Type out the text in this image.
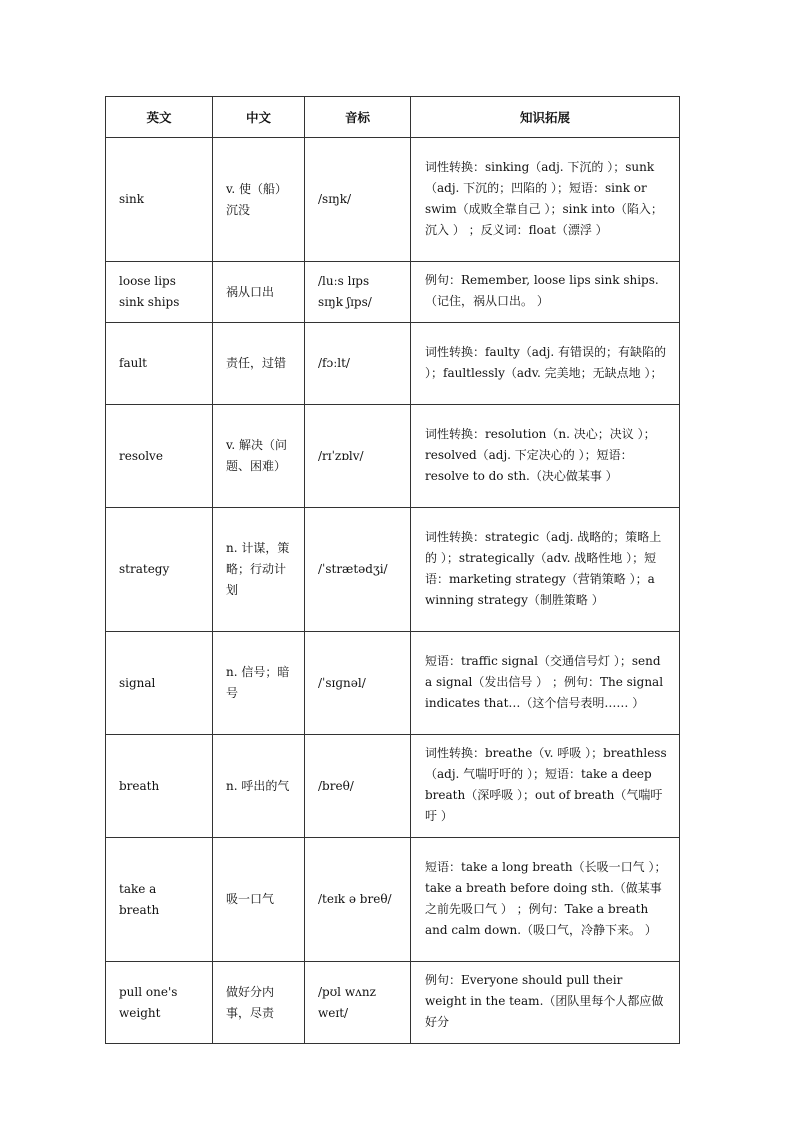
英文	中文	音标	知识拓展
sink	v. 使（船）沉没	/sɪŋk/	词性转换：sinking（adj. 下沉的 ）；sunk（adj. 下沉的；凹陷的 ）；短语：sink or swim（成败全靠自己 ）；sink into（陷入；沉入 ） ；反义词：float（漂浮 ）
loose lips sink ships	祸从口出	/luːs lɪps sɪŋk ʃɪps/	例句：Remember, loose lips sink ships.（记住，祸从口出。 ）
fault	责任，过错	/fɔːlt/	词性转换：faulty（adj. 有错误的；有缺陷的 ）；faultlessly（adv. 完美地；无缺点地 ）；
resolve	v. 解决（问题、困难）	/rɪˈzɒlv/	词性转换：resolution（n. 决心；决议 ）；resolved（adj. 下定决心的 ）；短语：resolve to do sth.（决心做某事 ）
strategy	n. 计谋，策略；行动计划	/ˈstrætədʒi/	词性转换：strategic（adj. 战略的；策略上的 ）；strategically（adv. 战略性地 ）；短语：marketing strategy（营销策略 ）；a winning strategy（制胜策略 ）
signal	n. 信号；暗号	/ˈsɪɡnəl/	短语：traffic signal（交通信号灯 ）；send a signal（发出信号 ） ；例句：The signal indicates that…（这个信号表明…… ）
breath	n. 呼出的气	/breθ/	词性转换：breathe（v. 呼吸 ）；breathless（adj. 气喘吁吁的 ）；短语：take a deep breath（深呼吸 ）；out of breath（气喘吁吁 ）
take a breath	吸一口气	/teɪk ə breθ/	短语：take a long breath（长吸一口气 ）；take a breath before doing sth.（做某事之前先吸口气 ） ；例句：Take a breath and calm down.（吸口气，冷静下来。 ）
pull one's weight	做好分内事，尽责	/pʊl wʌnz weɪt/	例句：Everyone should pull their weight in the team.（团队里每个人都应做好分
